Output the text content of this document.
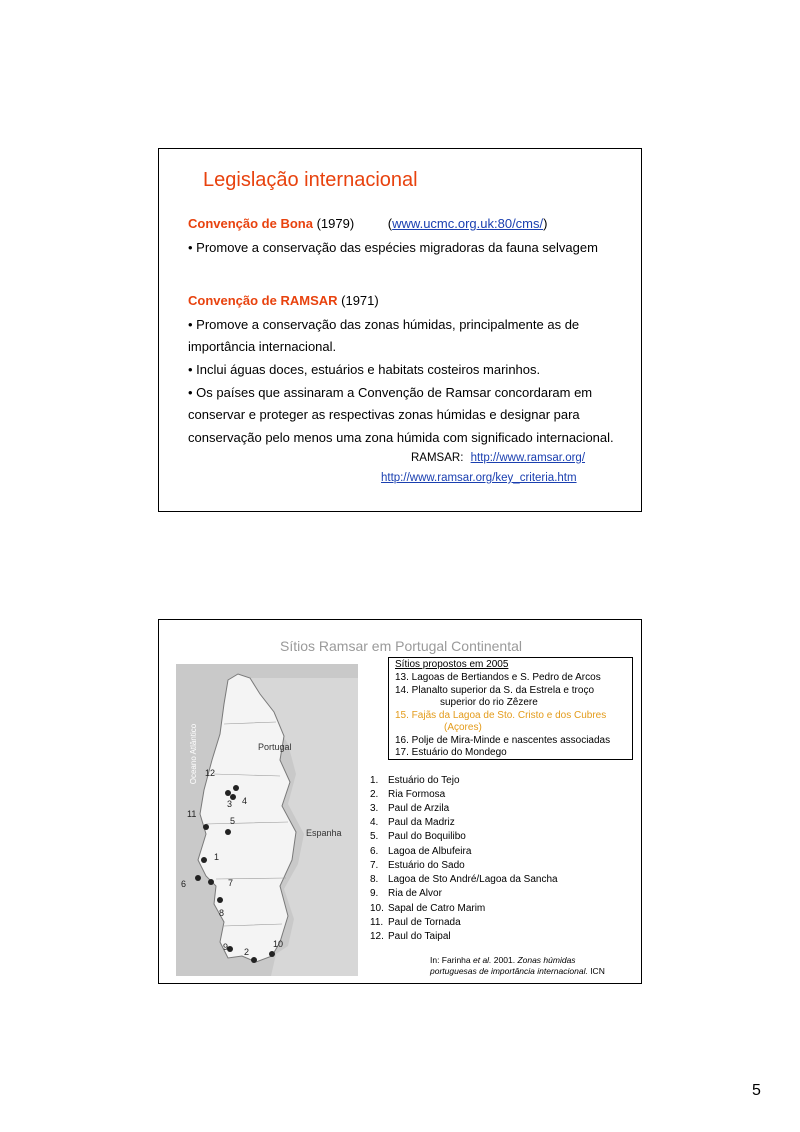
Legislação internacional
Convenção de Bona (1979)	(www.ucmc.org.uk:80/cms/)
• Promove a conservação das espécies migradoras da fauna selvagem
Convenção de RAMSAR (1971)
• Promove a conservação das zonas húmidas, principalmente as de
importância internacional.
• Inclui águas doces, estuários e habitats costeiros marinhos.
• Os países que assinaram a Convenção de Ramsar concordaram em
conservar e proteger as respectivas zonas húmidas e designar para
conservação pelo menos uma zona húmida com significado internacional.
RAMSAR: http://www.ramsar.org/
http://www.ramsar.org/key_criteria.htm
Sítios Ramsar em Portugal Continental
Oceano Atlântico	Portugal
Espanha
12
3 4
11
5
1
6	7
8
9 2
10
Sítios propostos em 2005
13. Lagoas de Bertiandos e S. Pedro de Arcos
14. Planalto superior da S. da Estrela e troço
superior do rio Zêzere
15. Fajãs da Lagoa de Sto. Cristo e dos Cubres
(Açores)
16. Polje de Mira-Minde e nascentes associadas
17. Estuário do Mondego
1. Estuário do Tejo
2. Ria Formosa
3. Paul de Arzila
4. Paul da Madriz
5. Paul do Boquilibo
6. Lagoa de Albufeira
7. Estuário do Sado
8. Lagoa de Sto André/Lagoa da Sancha
9. Ria de Alvor
10. Sapal de Catro Marim
11. Paul de Tornada
12. Paul do Taipal
In: Farinha et al. 2001. Zonas húmidas
portuguesas de importância internacional. ICN
5
